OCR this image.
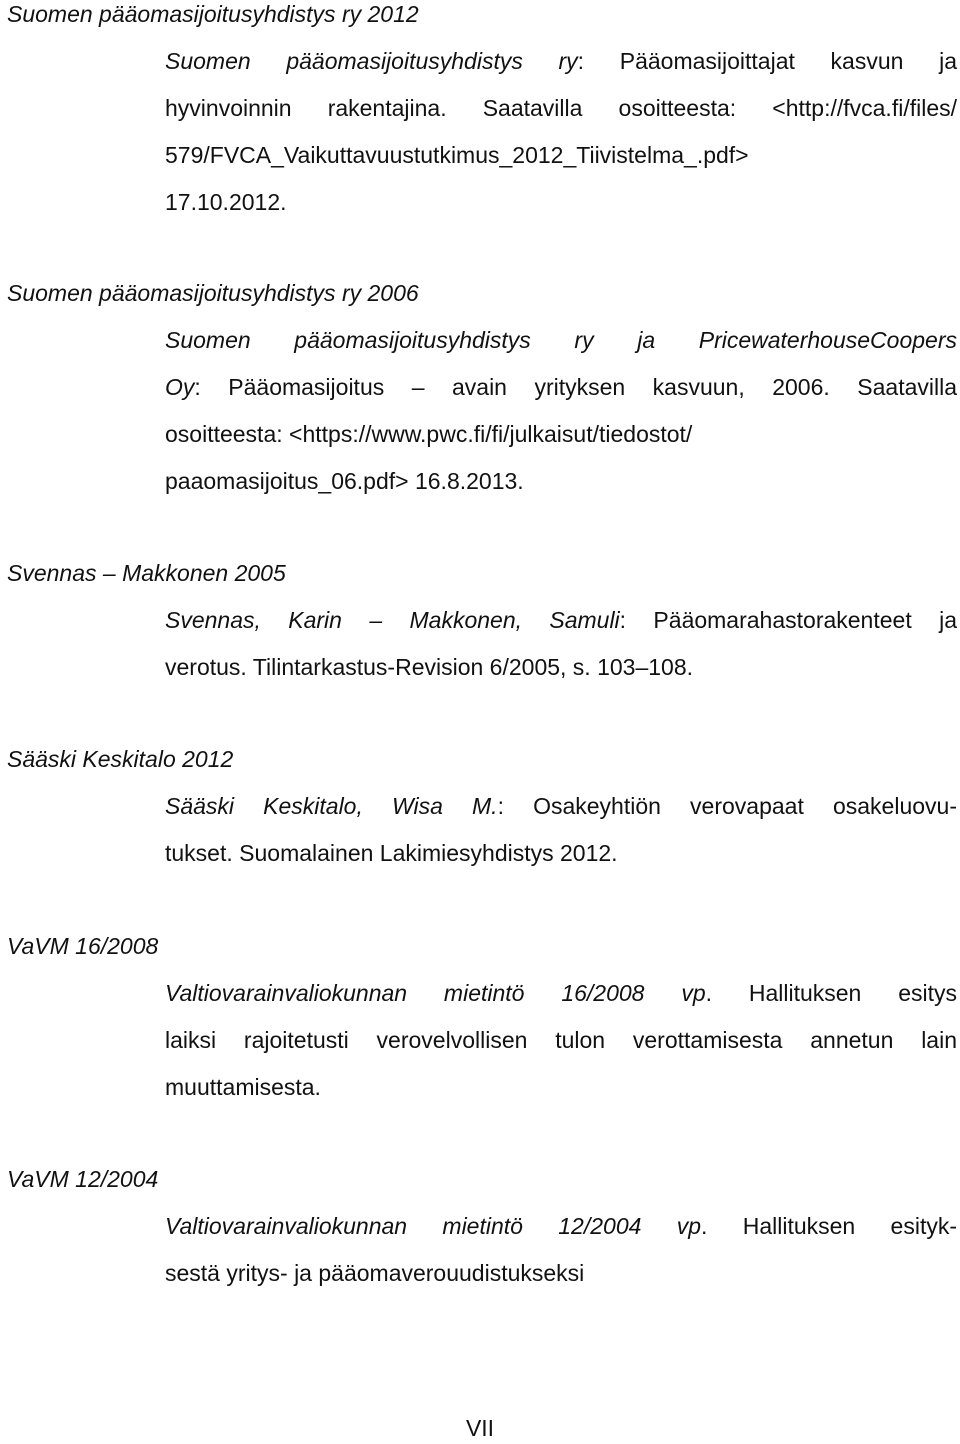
Suomen pääomasijoitusyhdistys ry 2012
Suomen pääomasijoitusyhdistys ry: Pääomasijoittajat kasvun ja
hyvinvoinnin rakentajina. Saatavilla osoitteesta: <http://fvca.fi/files/
579/FVCA_Vaikuttavuustutkimus_2012_Tiivistelma_.pdf>
17.10.2012.
Suomen pääomasijoitusyhdistys ry 2006
Suomen pääomasijoitusyhdistys ry ja PricewaterhouseCoopers
Oy: Pääomasijoitus – avain yrityksen kasvuun, 2006. Saatavilla
osoitteesta: <https://www.pwc.fi/fi/julkaisut/tiedostot/
paaomasijoitus_06.pdf> 16.8.2013.
Svennas – Makkonen 2005
Svennas, Karin – Makkonen, Samuli: Pääomarahastorakenteet ja
verotus. Tilintarkastus-Revision 6/2005, s. 103–108.
Sääski Keskitalo 2012
Sääski Keskitalo, Wisa M.: Osakeyhtiön verovapaat osakeluovu-
tukset. Suomalainen Lakimiesyhdistys 2012.
VaVM 16/2008
Valtiovarainvaliokunnan mietintö 16/2008 vp. Hallituksen esitys
laiksi rajoitetusti verovelvollisen tulon verottamisesta annetun lain
muuttamisesta.
VaVM 12/2004
Valtiovarainvaliokunnan mietintö 12/2004 vp. Hallituksen esityk-
sestä yritys- ja pääomaverouudistukseksi
VII
